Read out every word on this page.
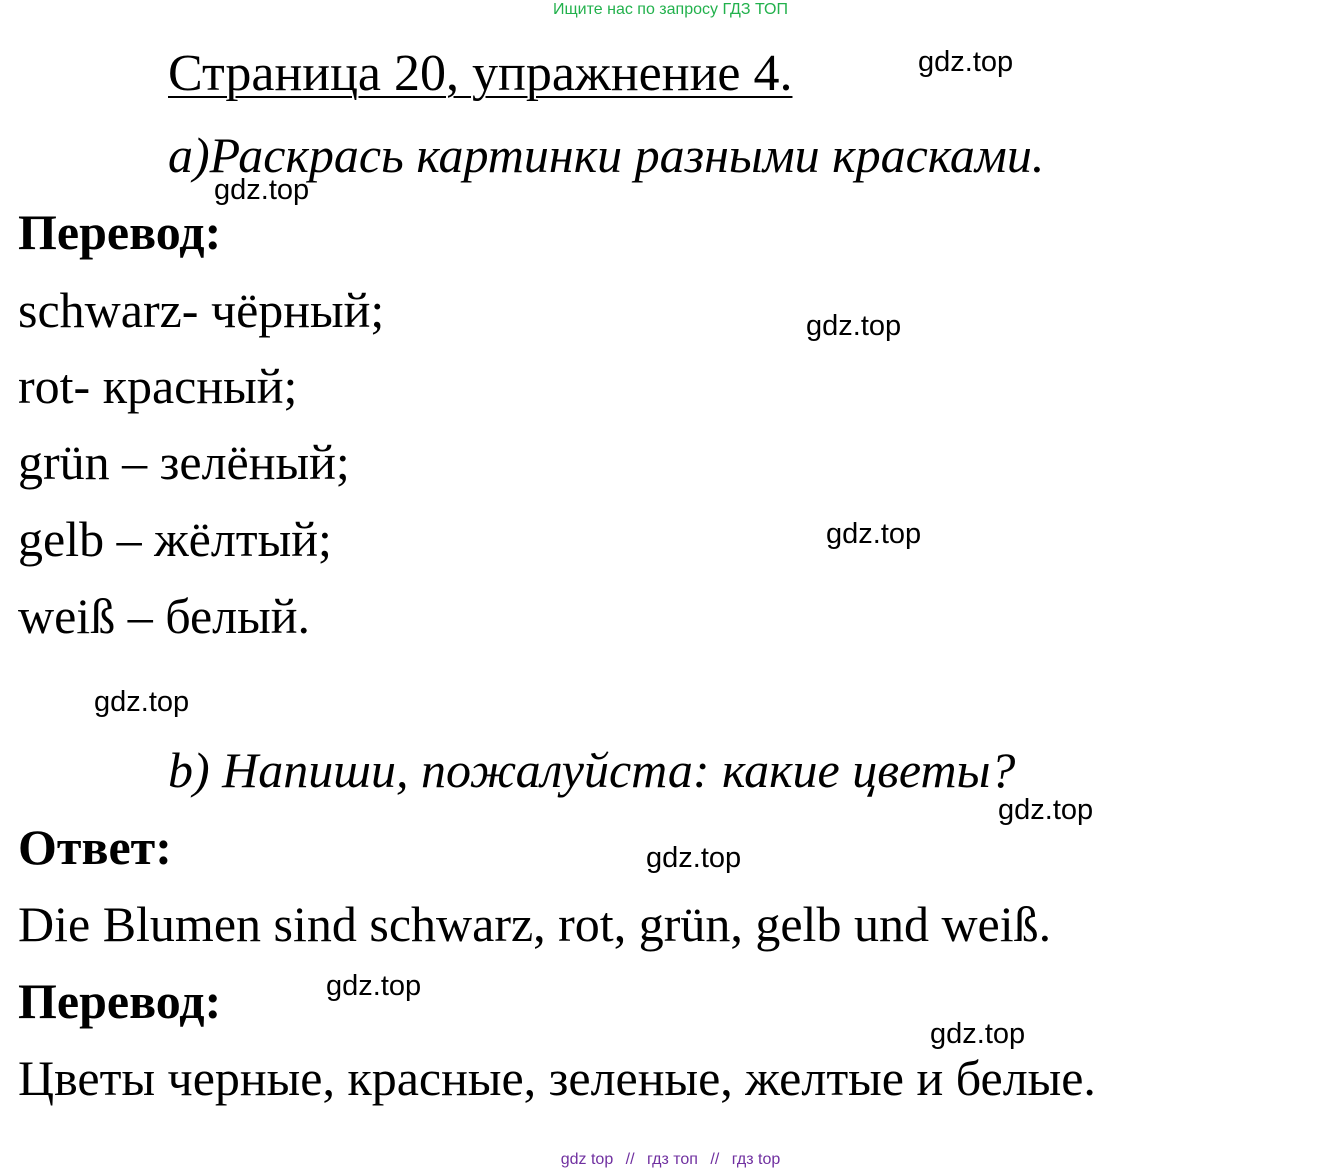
Ищите нас по запросу ГДЗ ТОП
Страница 20, упражнение 4.
a)Раскрась картинки разными красками.
Перевод:
schwarz- чёрный;
rot- красный;
grün – зелёный;
gelb – жёлтый;
weiß – белый.
b) Напиши, пожалуйста: какие цветы?
Ответ:
Die Blumen sind schwarz, rot, grün, gelb und weiß.
Перевод:
Цветы черные, красные, зеленые, желтые и белые.
gdz.top
gdz.top
gdz.top
gdz.top
gdz.top
gdz.top
gdz.top
gdz.top
gdz.top
gdz top // гдз топ // гдз top
